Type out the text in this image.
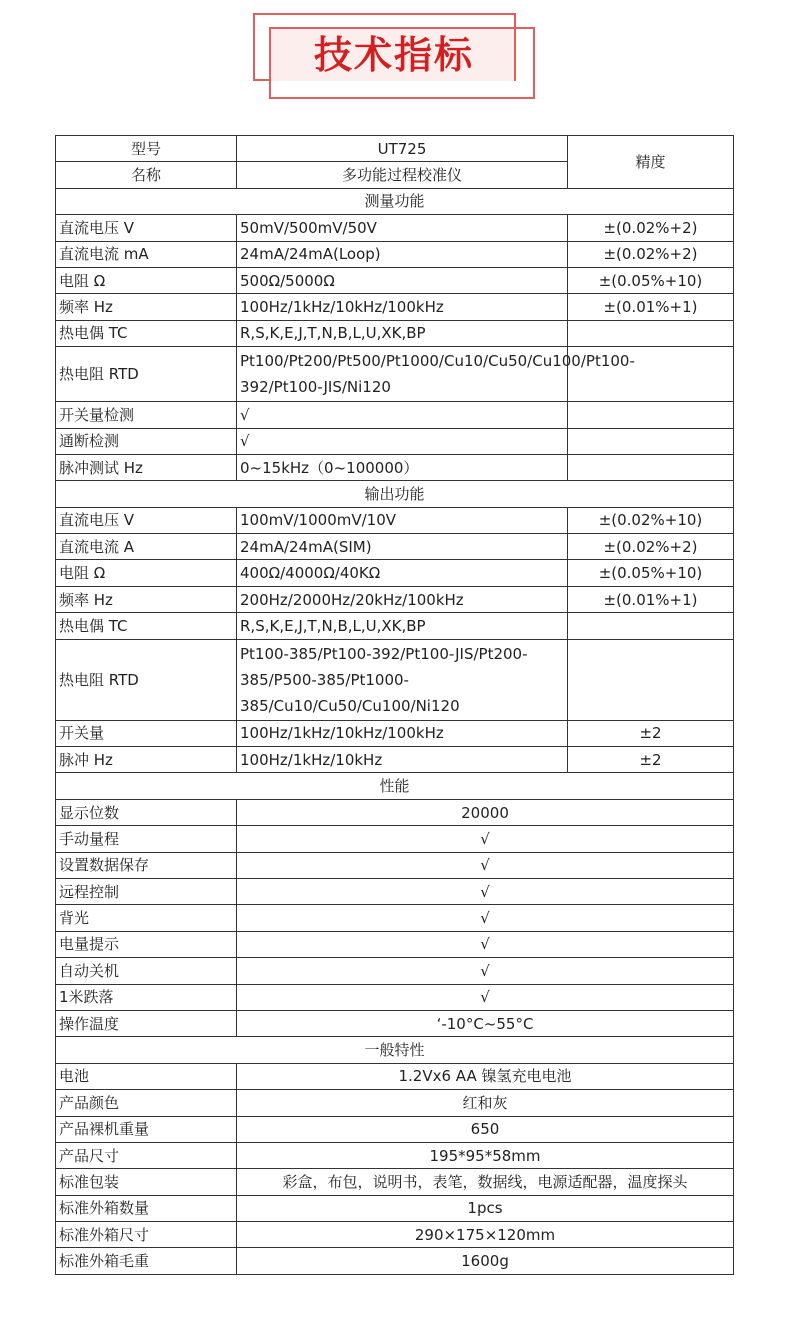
技术指标
型号	UT725	精度
名称	多功能过程校准仪	
测量功能		
直流电压 V	50mV/500mV/50V	±(0.02%+2)
直流电流 mA	24mA/24mA(Loop)	±(0.02%+2)
电阻 Ω	500Ω/5000Ω	±(0.05%+10)
频率 Hz	100Hz/1kHz/10kHz/100kHz	±(0.01%+1)
热电偶 TC	R,S,K,E,J,T,N,B,L,U,XK,BP	
热电阻 RTD	Pt100/Pt200/Pt500/Pt1000/Cu10/Cu50/Cu100/Pt100-392/Pt100-JIS/Ni120	
开关量检测	√	
通断检测	√	
脉冲测试 Hz	0~15kHz（0~100000）	
输出功能		
直流电压 V	100mV/1000mV/10V	±(0.02%+10)
直流电流 A	24mA/24mA(SIM)	±(0.02%+2)
电阻 Ω	400Ω/4000Ω/40KΩ	±(0.05%+10)
频率 Hz	200Hz/2000Hz/20kHz/100kHz	±(0.01%+1)
热电偶 TC	R,S,K,E,J,T,N,B,L,U,XK,BP	
热电阻 RTD	Pt100-385/Pt100-392/Pt100-JIS/Pt200-385/P500-385/Pt1000-385/Cu10/Cu50/Cu100/Ni120	
开关量	100Hz/1kHz/10kHz/100kHz	±2
脉冲 Hz	100Hz/1kHz/10kHz	±2
性能		
显示位数	20000	
手动量程	√	
设置数据保存	√	
远程控制	√	
背光	√	
电量提示	√	
自动关机	√	
1米跌落	√	
操作温度	‘-10°C~55°C	
一般特性		
电池	1.2Vx6 AA 镍氢充电电池	
产品颜色	红和灰	
产品裸机重量	650	
产品尺寸	195*95*58mm	
标准包装	彩盒，布包，说明书，表笔，数据线，电源适配器，温度探头	
标准外箱数量	1pcs	
标准外箱尺寸	290×175×120mm	
标准外箱毛重	1600g	
